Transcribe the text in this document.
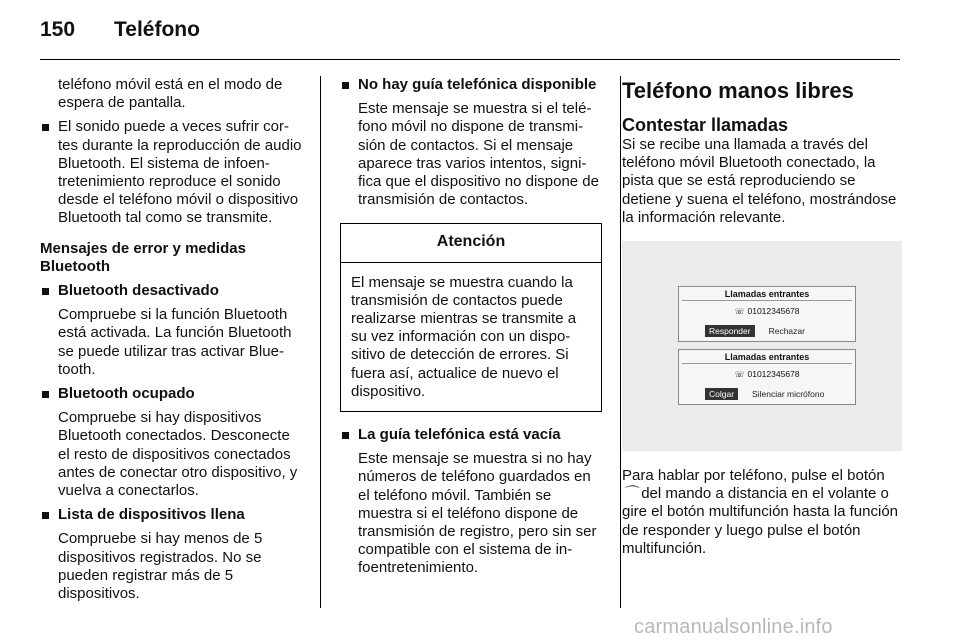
150 Teléfono
teléfono móvil está en el modo de espera de pantalla.
El sonido puede a veces sufrir cortes durante la reproducción de audio Bluetooth. El sistema de infoentretenimiento reproduce el sonido desde el teléfono móvil o dispositivo Bluetooth tal como se transmite.
Mensajes de error y medidas Bluetooth
Bluetooth desactivado
Compruebe si la función Bluetooth está activada. La función Bluetooth se puede utilizar tras activar Bluetooth.
Bluetooth ocupado
Compruebe si hay dispositivos Bluetooth conectados. Desconecte el resto de dispositivos conectados antes de conectar otro dispositivo, y vuelva a conectarlos.
Lista de dispositivos llena
Compruebe si hay menos de 5 dispositivos registrados. No se pueden registrar más de 5 dispositivos.
No hay guía telefónica disponible
Este mensaje se muestra si el teléfono móvil no dispone de transmisión de contactos. Si el mensaje aparece tras varios intentos, significa que el dispositivo no dispone de transmisión de contactos.
Atención
El mensaje se muestra cuando la transmisión de contactos puede realizarse mientras se transmite a su vez información con un dispositivo de detección de errores. Si fuera así, actualice de nuevo el dispositivo.
La guía telefónica está vacía
Este mensaje se muestra si no hay números de teléfono guardados en el teléfono móvil. También se muestra si el teléfono dispone de transmisión de registro, pero sin ser compatible con el sistema de infoentretenimiento.
Teléfono manos libres
Contestar llamadas
Si se recibe una llamada a través del teléfono móvil Bluetooth conectado, la pista que se está reproduciendo se detiene y suena el teléfono, mostrándose la información relevante.
Llamadas entrantes
☏ 01012345678
Responder	Rechazar
Llamadas entrantes
☏ 01012345678
Colgar	Silenciar micrófono
Para hablar por teléfono, pulse el botón ⌒ del mando a distancia en el volante o gire el botón multifunción hasta la función de responder y luego pulse el botón multifunción.
carmanualsonline.info
